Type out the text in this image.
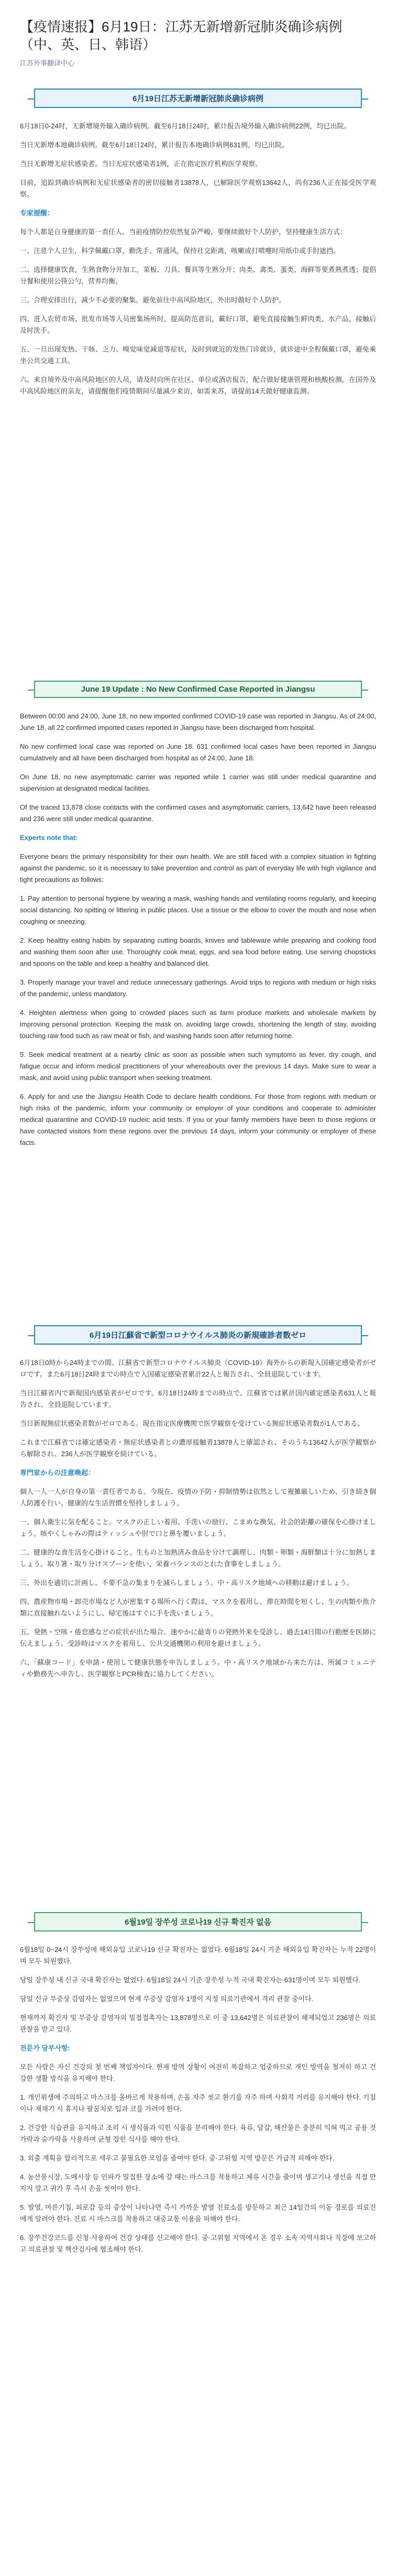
【疫情速报】6月19日：江苏无新增新冠肺炎确诊病例（中、英、日、韩语）
江苏外事翻译中心
6月19日江苏无新增新冠肺炎确诊病例

6月18日0-24时，无新增境外输入确诊病例。截至6月18日24时，累计报告境外输入确诊病例22例，均已出院。

当日无新增本地确诊病例。截至6月18日24时，累计报告本地确诊病例631例，均已出院。

当日无新增无症状感染者。当日无症状感染者1例，正在指定医疗机构医学观察。

目前，追踪到确诊病例和无症状感染者的密切接触者13878人，已解除医学观察13642人，尚有236人正在接受医学观察。

专家提醒：

每个人都是自身健康的第一责任人。当前疫情防控依然复杂严峻，要继续做好个人防护，坚持健康生活方式：

一、注意个人卫生，科学佩戴口罩，勤洗手、常通风，保持社交距离，咳嗽或打喷嚏时用纸巾或手肘遮挡。

二、选择健康饮食，生熟食物分开加工，菜板、刀具、餐具等生熟分开；肉类、禽类、蛋类、海鲜等要煮熟煮透；提倡分餐和使用公筷公勺，营养均衡。

三、合理安排出行，减少不必要的聚集。避免前往中高风险地区，外出时做好个人防护。

四、进入农贸市场、批发市场等人员密集场所时，提高防范意识，戴好口罩，避免直接接触生鲜肉类、水产品，接触后及时洗手。

五、一旦出现发热、干咳、乏力、嗅觉味觉减退等症状，及时到就近的发热门诊就诊，就诊途中全程佩戴口罩，避免乘坐公共交通工具。

六、来自境外及中高风险地区的人员，请及时向所在社区、单位或酒店报告，配合做好健康管理和核酸检测。在国外及中高风险地区的亲友，请提醒他们疫情期间尽量减少来访，如需来苏，请提前14天做好健康监测。

June 19 Update : No New Confirmed Case Reported in Jiangsu

Between 00:00 and 24:00, June 18, no new imported confirmed COVID-19 case was reported in Jiangsu. As of 24:00, June 18, all 22 confirmed imported cases reported in Jiangsu have been discharged from hospital.

No new confirmed local case was reported on June 18. 631 confirmed local cases have been reported in Jiangsu cumulatively and all have been discharged from hospital as of 24:00, June 18.

On June 18, no new asymptomatic carrier was reported while 1 carrier was still under medical quarantine and supervision at designated medical facilities.

Of the traced 13,878 close contacts with the confirmed cases and asymptomatic carriers, 13,642 have been released and 236 were still under medical quarantine.

Experts note that:

Everyone bears the primary responsibility for their own health. We are still faced with a complex situation in fighting against the pandemic, so it is necessary to take prevention and control as part of everyday life with high vigilance and tight precautions as follows:

1. Pay attention to personal hygiene by wearing a mask, washing hands and ventilating rooms regularly, and keeping social distancing. No spitting or littering in public places. Use a tissue or the elbow to cover the mouth and nose when coughing or sneezing.

2. Keep healthy eating habits by separating cutting boards, knives and tableware while preparing and cooking food and washing them soon after use. Thoroughly cook meat, eggs, and sea food before eating. Use serving chopsticks and spoons on the table and keep a healthy and balanced diet.

3. Properly manage your travel and reduce unnecessary gatherings. Avoid trips to regions with medium or high risks of the pandemic, unless mandatory.

4. Heighten alertness when going to crowded places such as farm produce markets and wholesale markets by improving personal protection. Keeping the mask on, avoiding large crowds, shortening the length of stay, avoiding touching raw food such as raw meat or fish, and washing hands soon after returning home.

5. Seek medical treatment at a nearby clinic as soon as possible when such symptoms as fever, dry cough, and fatigue occur and inform medical practitioners of your whereabouts over the previous 14 days. Make sure to wear a mask, and avoid using public transport when seeking treatment.

6. Apply for and use the Jiangsu Health Code to declare health conditions. For those from regions with medium or high risks of the pandemic, inform your community or employer of your conditions and cooperate to administer medical quarantine and COVID-19 nucleic acid tests. If you or your family members have been to those regions or have contacted visitors from these regions over the previous 14 days, inform your community or employer of these facts.

6月19日江蘇省で新型コロナウイルス肺炎の新規確診者数ゼロ

6月18日0時から24時までの間、江蘇省で新型コロナウイルス肺炎（COVID-19）海外からの新規入国確定感染者がゼロです。また6月18日24時までの時点で入国確定感染者累計22人と報告され、全員退院しています。

当日江蘇省内で新規国内感染者がゼロです。6月18日24時までの時点で、江蘇省では累計国内確定感染者631人と報告され、全員退院しています。

当日新規無症状感染者数がゼロである。現在指定医療機関で医学観察を受けている無症状感染者数が1人である。

これまで江蘇省では確定感染者・無症状感染者との濃厚接触者13878人と確認され、そのうち13642人が医学観察から解除され、236人が医学観察を続けている。

専門家からの注意喚起：

個人一人一人が自身の第一責任者である。今現在、疫情の予防・抑制情勢は依然として複雑厳しいため、引き続き個人防護を行い、健康的な生活習慣を堅持しましょう。

一、個人衛生に気を配ること。マスクの正しい着用、手洗いの励行、こまめな換気、社会的距離の確保を心掛けましょう。咳やくしゃみの際はティッシュや肘で口と鼻を覆いましょう。

二、健康的な食生活を心掛けること。生ものと加熱済み食品を分けて調理し、肉類・卵類・海鮮類は十分に加熱しましょう。取り箸・取り分けスプーンを使い、栄養バランスのとれた食事をしましょう。

三、外出を適切に計画し、不要不急の集まりを減らしましょう。中・高リスク地域への移動は避けましょう。

四、農産物市場・卸売市場など人が密集する場所へ行く際は、マスクを着用し、滞在時間を短くし、生の肉類や魚介類に直接触れないようにし、帰宅後はすぐに手を洗いましょう。

五、発熱・空咳・倦怠感などの症状が出た場合、速やかに最寄りの発熱外来を受診し、過去14日間の行動歴を医師に伝えましょう。受診時はマスクを着用し、公共交通機関の利用を避けましょう。

六、「蘇康コード」を申請・使用して健康状態を申告しましょう。中・高リスク地域から来た方は、所属コミュニティや勤務先へ申告し、医学観察とPCR検査に協力してください。

6월19일 장쑤성 코로나19 신규 확진자 없음

6월18일 0~24시 장쑤성에 해외유입 코로나19 신규 확진자는 없었다. 6월18일 24시 기준 해외유입 확진자는 누적 22명이며 모두 퇴원했다.

당일 장쑤성 내 신규 국내 확진자는 없었다. 6월18일 24시 기준 장쑤성 누적 국내 확진자는 631명이며 모두 퇴원했다.

당일 신규 무증상 감염자는 없었으며 현재 무증상 감염자 1명이 지정 의료기관에서 격리 관찰 중이다.

현재까지 확진자 및 무증상 감염자의 밀접접촉자는 13,878명으로 이 중 13,642명은 의료관찰이 해제되었고 236명은 의료관찰을 받고 있다.

전문가 당부사항:

모든 사람은 자신 건강의 첫 번째 책임자이다. 현재 방역 상황이 여전히 복잡하고 엄중하므로 개인 방역을 철저히 하고 건강한 생활 방식을 유지해야 한다.

1. 개인위생에 주의하고 마스크를 올바르게 착용하며, 손을 자주 씻고 환기를 자주 하며 사회적 거리를 유지해야 한다. 기침이나 재채기 시 휴지나 팔꿈치로 입과 코를 가려야 한다.

2. 건강한 식습관을 유지하고 조리 시 생식품과 익힌 식품을 분리해야 한다. 육류, 달걀, 해산물은 충분히 익혀 먹고 공용 젓가락과 숟가락을 사용하며 균형 잡힌 식사를 해야 한다.

3. 외출 계획을 합리적으로 세우고 불필요한 모임을 줄여야 한다. 중·고위험 지역 방문은 가급적 피해야 한다.

4. 농산물시장, 도매시장 등 인파가 밀집한 장소에 갈 때는 마스크를 착용하고 체류 시간을 줄이며 생고기나 생선을 직접 만지지 말고 귀가 후 즉시 손을 씻어야 한다.

5. 발열, 마른기침, 피로감 등의 증상이 나타나면 즉시 가까운 발열 진료소를 방문하고 최근 14일간의 이동 경로를 의료진에게 알려야 한다. 진료 시 마스크를 착용하고 대중교통 이용을 피해야 한다.

6. 장쑤건강코드를 신청·사용하여 건강 상태를 신고해야 한다. 중·고위험 지역에서 온 경우 소속 지역사회나 직장에 보고하고 의료관찰 및 핵산검사에 협조해야 한다.
